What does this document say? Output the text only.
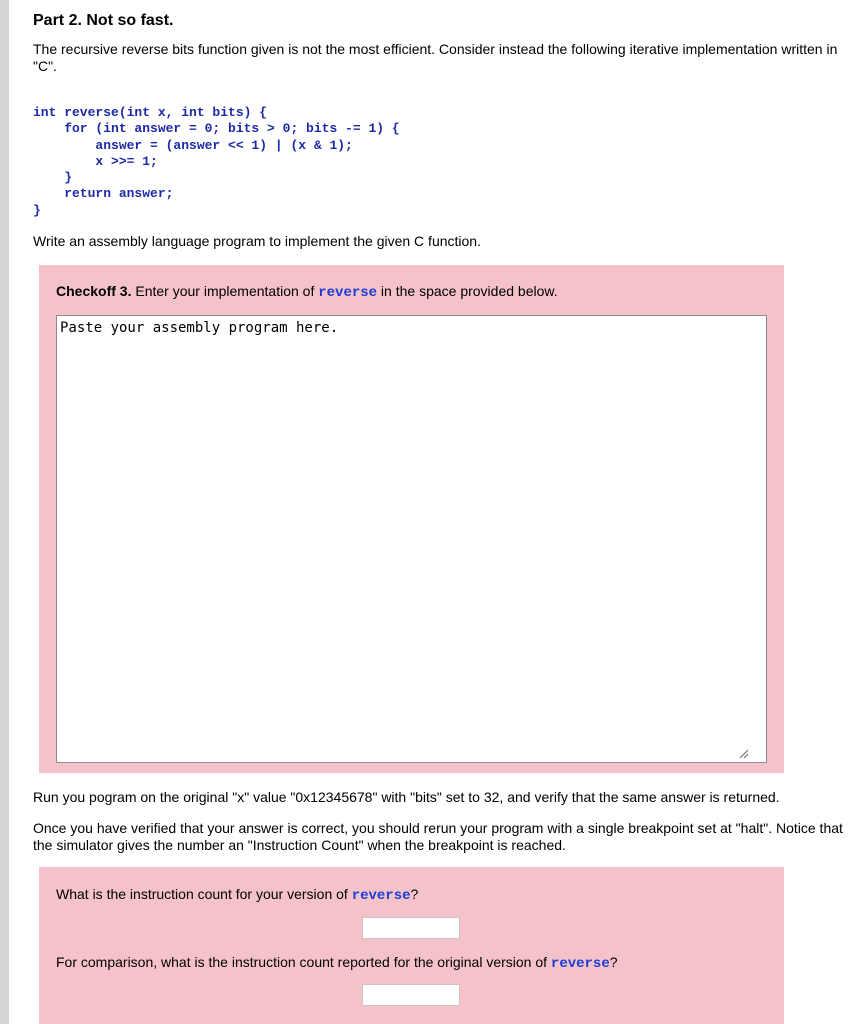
Part 2. Not so fast.

The recursive reverse bits function given is not the most efficient. Consider instead the following iterative implementation written in "C".

int reverse(int x, int bits) {
for (int answer = 0; bits > 0; bits -= 1) {
answer = (answer << 1) | (x & 1);
x >>= 1;
}
return answer;
}

Write an assembly language program to implement the given C function.

Run you pogram on the original "x" value "0x12345678" with "bits" set to 32, and verify that the same answer is returned.

Once you have verified that your answer is correct, you should rerun your program with a single breakpoint set at "halt". Notice that the simulator gives the number an "Instruction Count" when the breakpoint is reached.

Checkoff 3. Enter your implementation of reverse in the space provided below.

Paste your assembly program here.

What is the instruction count for your version of reverse?

For comparison, what is the instruction count reported for the original version of reverse?
